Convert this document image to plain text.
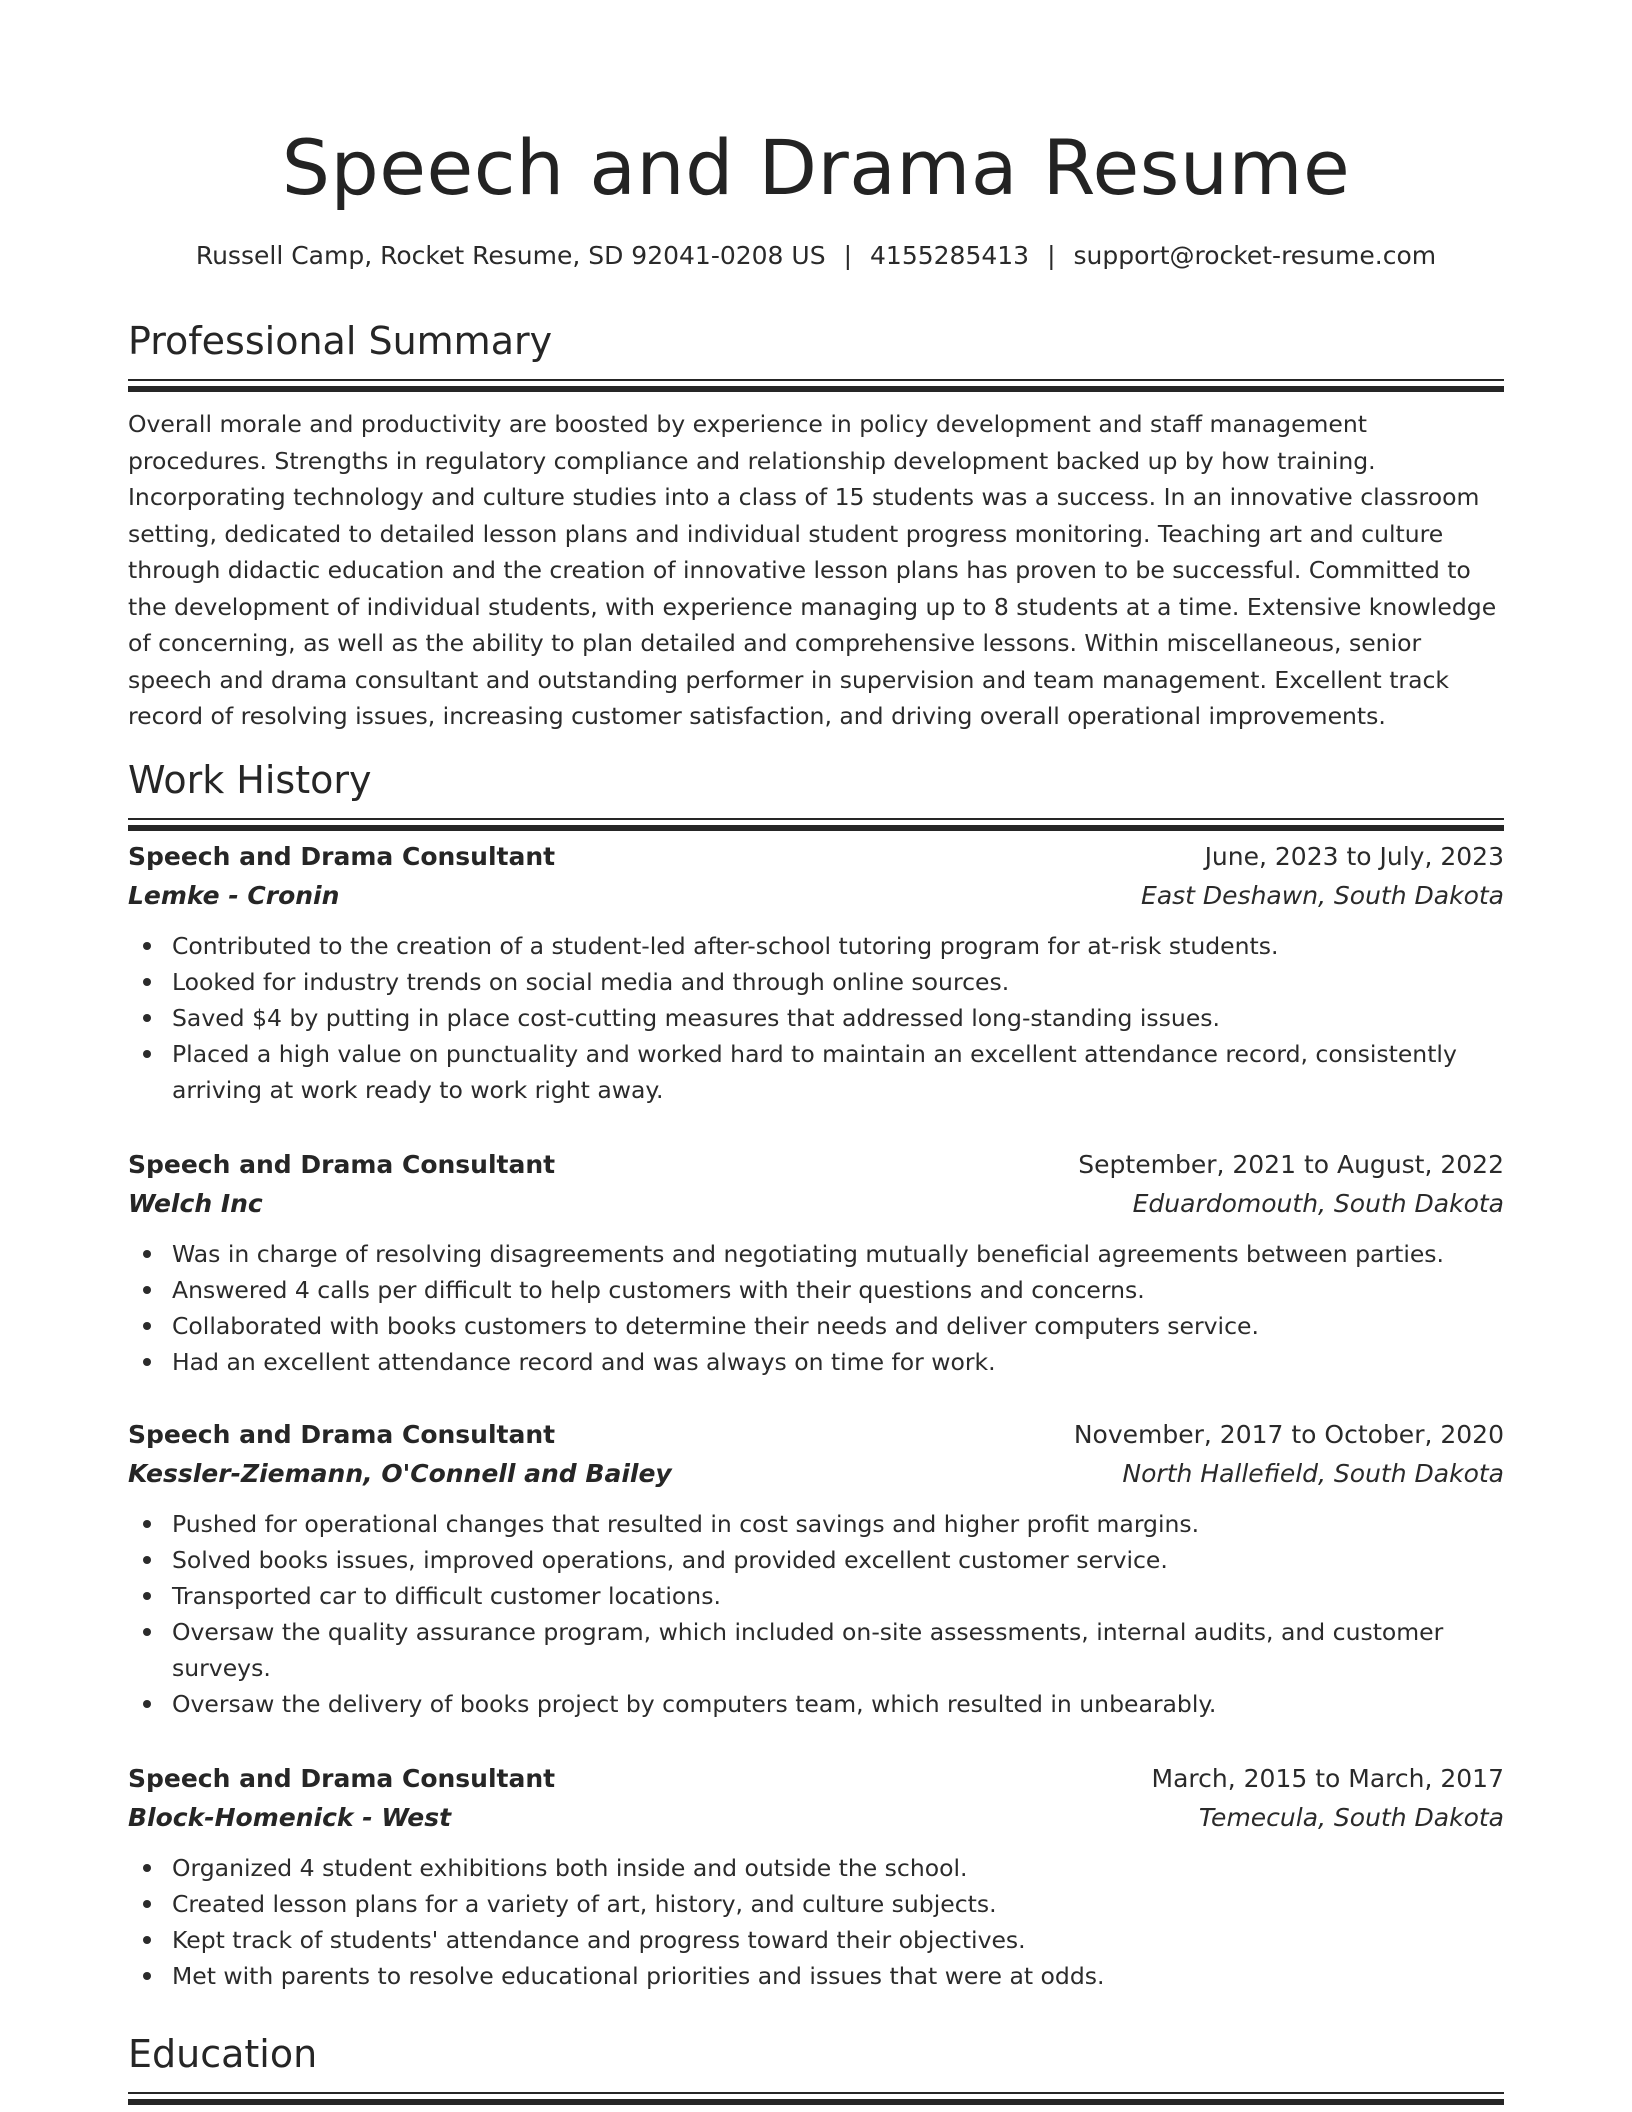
Speech and Drama Resume
Russell Camp, Rocket Resume, SD 92041-0208 US | 4155285413 | support@rocket-resume.com
Professional Summary

Overall morale and productivity are boosted by experience in policy development and staff management procedures. Strengths in regulatory compliance and relationship development backed up by how training. Incorporating technology and culture studies into a class of 15 students was a success. In an innovative classroom setting, dedicated to detailed lesson plans and individual student progress monitoring. Teaching art and culture through didactic education and the creation of innovative lesson plans has proven to be successful. Committed to the development of individual students, with experience managing up to 8 students at a time. Extensive knowledge of concerning, as well as the ability to plan detailed and comprehensive lessons. Within miscellaneous, senior speech and drama consultant and outstanding performer in supervision and team management. Excellent track record of resolving issues, increasing customer satisfaction, and driving overall operational improvements.

Work History
Speech and Drama Consultant	June, 2023 to July, 2023
Lemke - Cronin	East Deshawn, South Dakota
Contributed to the creation of a student-led after-school tutoring program for at-risk students.
Looked for industry trends on social media and through online sources.
Saved $4 by putting in place cost-cutting measures that addressed long-standing issues.
Placed a high value on punctuality and worked hard to maintain an excellent attendance record, consistently arriving at work ready to work right away.
Speech and Drama Consultant	September, 2021 to August, 2022
Welch Inc	Eduardomouth, South Dakota
Was in charge of resolving disagreements and negotiating mutually beneficial agreements between parties.
Answered 4 calls per difficult to help customers with their questions and concerns.
Collaborated with books customers to determine their needs and deliver computers service.
Had an excellent attendance record and was always on time for work.
Speech and Drama Consultant	November, 2017 to October, 2020
Kessler-Ziemann, O'Connell and Bailey	North Hallefield, South Dakota
Pushed for operational changes that resulted in cost savings and higher profit margins.
Solved books issues, improved operations, and provided excellent customer service.
Transported car to difficult customer locations.
Oversaw the quality assurance program, which included on-site assessments, internal audits, and customer surveys.
Oversaw the delivery of books project by computers team, which resulted in unbearably.
Speech and Drama Consultant	March, 2015 to March, 2017
Block-Homenick - West	Temecula, South Dakota
Organized 4 student exhibitions both inside and outside the school.
Created lesson plans for a variety of art, history, and culture subjects.
Kept track of students' attendance and progress toward their objectives.
Met with parents to resolve educational priorities and issues that were at odds.
Education
